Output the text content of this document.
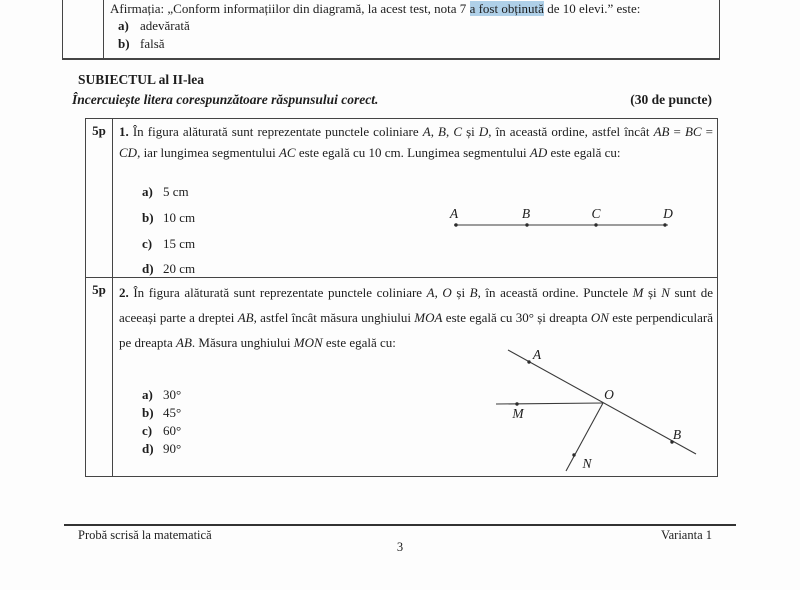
Afirmația: „Conform informațiilor din diagramă, la acest test, nota 7 a fost obținută de 10 elevi.” este:
a) adevărată
b) falsă
SUBIECTUL al II-lea
Încercuiește litera corespunzătoare răspunsului corect.	(30 de puncte)
5p	1. În figura alăturată sunt reprezentate punctele coliniare A, B, C și D, în această ordine, astfel încât AB = BC = CD, iar lungimea segmentului AC este egală cu 10 cm. Lungimea segmentului AD este egală cu:
a) 5 cm
b) 10 cm
c) 15 cm
d) 20 cm
A	B	C	D
5p	2. În figura alăturată sunt reprezentate punctele coliniare A, O și B, în această ordine. Punctele M și N sunt de aceeași parte a dreptei AB, astfel încât măsura unghiului MOA este egală cu 30° și dreapta ON este perpendiculară pe dreapta AB. Măsura unghiului MON este egală cu:
a) 30°
b) 45°
c) 60°
d) 90°
A
O
B
M
N
Probă scrisă la matematică	Varianta 1
3
